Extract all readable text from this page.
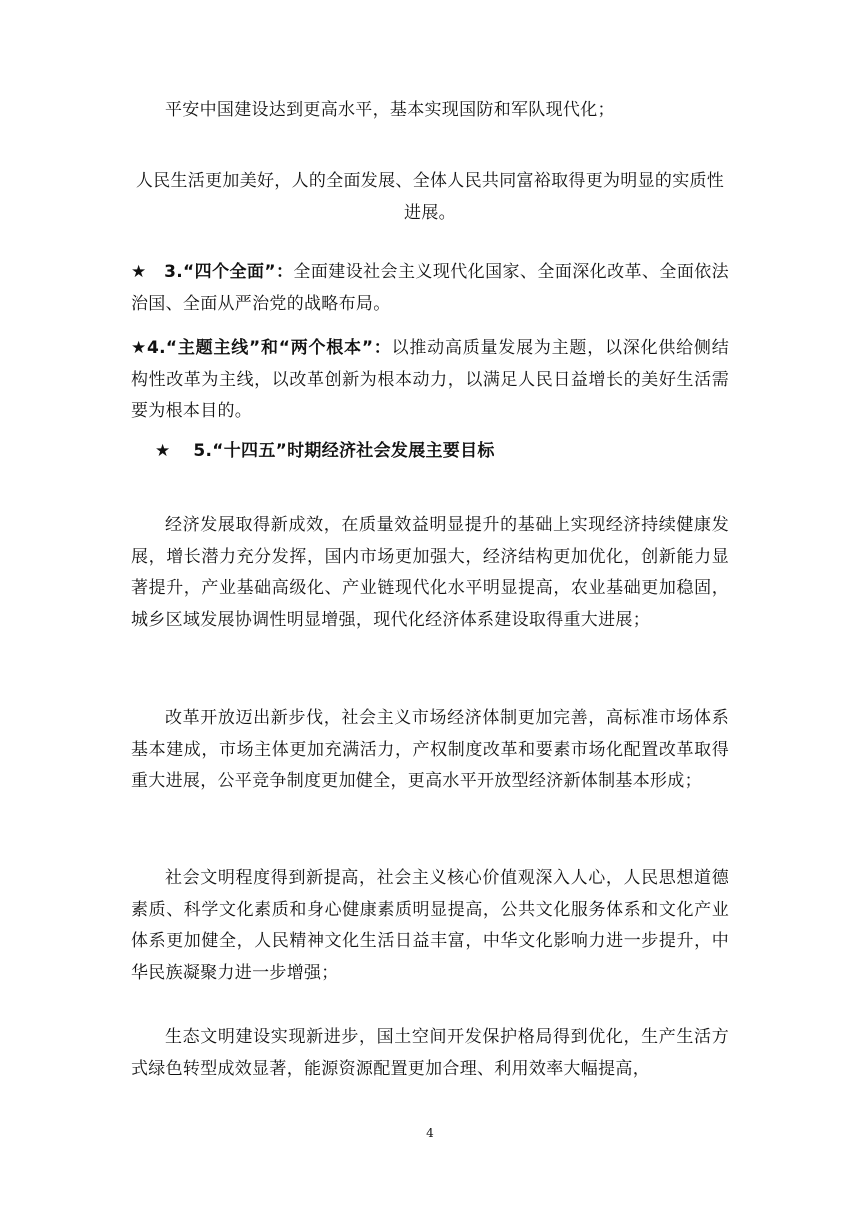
平安中国建设达到更高水平，基本实现国防和军队现代化；

人民生活更加美好，人的全面发展、全体人民共同富裕取得更为明显的实质性进展。

★ 3.“四个全面”：全面建设社会主义现代化国家、全面深化改革、全面依法治国、全面从严治党的战略布局。

★4.“主题主线”和“两个根本”：以推动高质量发展为主题，以深化供给侧结构性改革为主线，以改革创新为根本动力，以满足人民日益增长的美好生活需要为根本目的。

★ 5.“十四五”时期经济社会发展主要目标

经济发展取得新成效，在质量效益明显提升的基础上实现经济持续健康发展，增长潜力充分发挥，国内市场更加强大，经济结构更加优化，创新能力显著提升，产业基础高级化、产业链现代化水平明显提高，农业基础更加稳固，城乡区域发展协调性明显增强，现代化经济体系建设取得重大进展；

改革开放迈出新步伐，社会主义市场经济体制更加完善，高标准市场体系基本建成，市场主体更加充满活力，产权制度改革和要素市场化配置改革取得重大进展，公平竞争制度更加健全，更高水平开放型经济新体制基本形成；

社会文明程度得到新提高，社会主义核心价值观深入人心，人民思想道德素质、科学文化素质和身心健康素质明显提高，公共文化服务体系和文化产业体系更加健全，人民精神文化生活日益丰富，中华文化影响力进一步提升，中华民族凝聚力进一步增强；

生态文明建设实现新进步，国土空间开发保护格局得到优化，生产生活方式绿色转型成效显著，能源资源配置更加合理、利用效率大幅提高，

4
